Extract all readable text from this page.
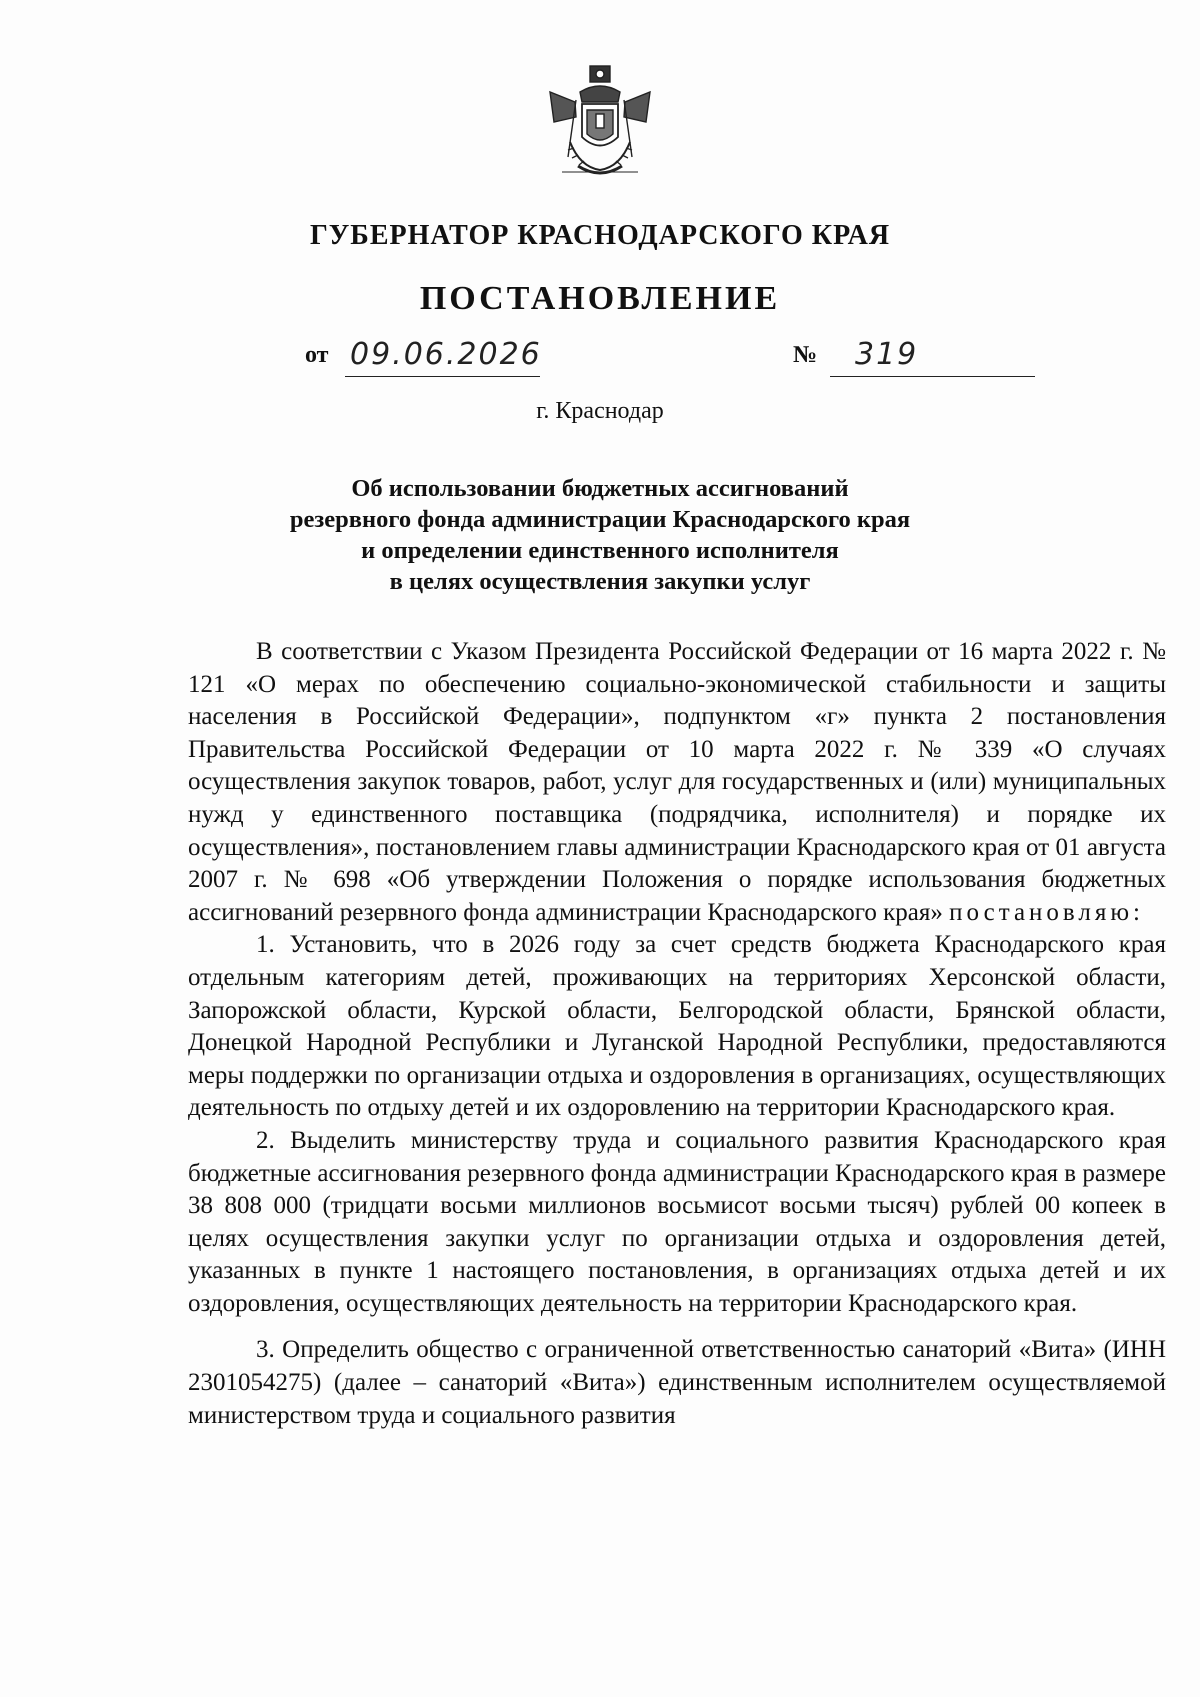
ГУБЕРНАТОР КРАСНОДАРСКОГО КРАЯ
ПОСТАНОВЛЕНИЕ
от 09.06.2026	№ 319
г. Краснодар
Об использовании бюджетных ассигнований
резервного фонда администрации Краснодарского края
и определении единственного исполнителя
в целях осуществления закупки услуг

В соответствии с Указом Президента Российской Федерации от 16 марта 2022 г. № 121 «О мерах по обеспечению социально-экономической стабильности и защиты населения в Российской Федерации», подпунктом «г» пункта 2 постановления Правительства Российской Федерации от 10 марта 2022 г. № 339 «О случаях осуществления закупок товаров, работ, услуг для государственных и (или) муниципальных нужд у единственного поставщика (подрядчика, исполнителя) и порядке их осуществления», постановлением главы администрации Краснодарского края от 01 августа 2007 г. № 698 «Об утверждении Положения о порядке использования бюджетных ассигнований резервного фонда администрации Краснодарского края» постановляю:

1. Установить, что в 2026 году за счет средств бюджета Краснодарского края отдельным категориям детей, проживающих на территориях Херсонской области, Запорожской области, Курской области, Белгородской области, Брянской области, Донецкой Народной Республики и Луганской Народной Республики, предоставляются меры поддержки по организации отдыха и оздоровления в организациях, осуществляющих деятельность по отдыху детей и их оздоровлению на территории Краснодарского края.

2. Выделить министерству труда и социального развития Краснодарского края бюджетные ассигнования резервного фонда администрации Краснодарского края в размере 38 808 000 (тридцати восьми миллионов восьмисот восьми тысяч) рублей 00 копеек в целях осуществления закупки услуг по организации отдыха и оздоровления детей, указанных в пункте 1 настоящего постановления, в организациях отдыха детей и их оздоровления, осуществляющих деятельность на территории Краснодарского края.

3. Определить общество с ограниченной ответственностью санаторий «Вита» (ИНН 2301054275) (далее – санаторий «Вита») единственным исполнителем осуществляемой министерством труда и социального развития
